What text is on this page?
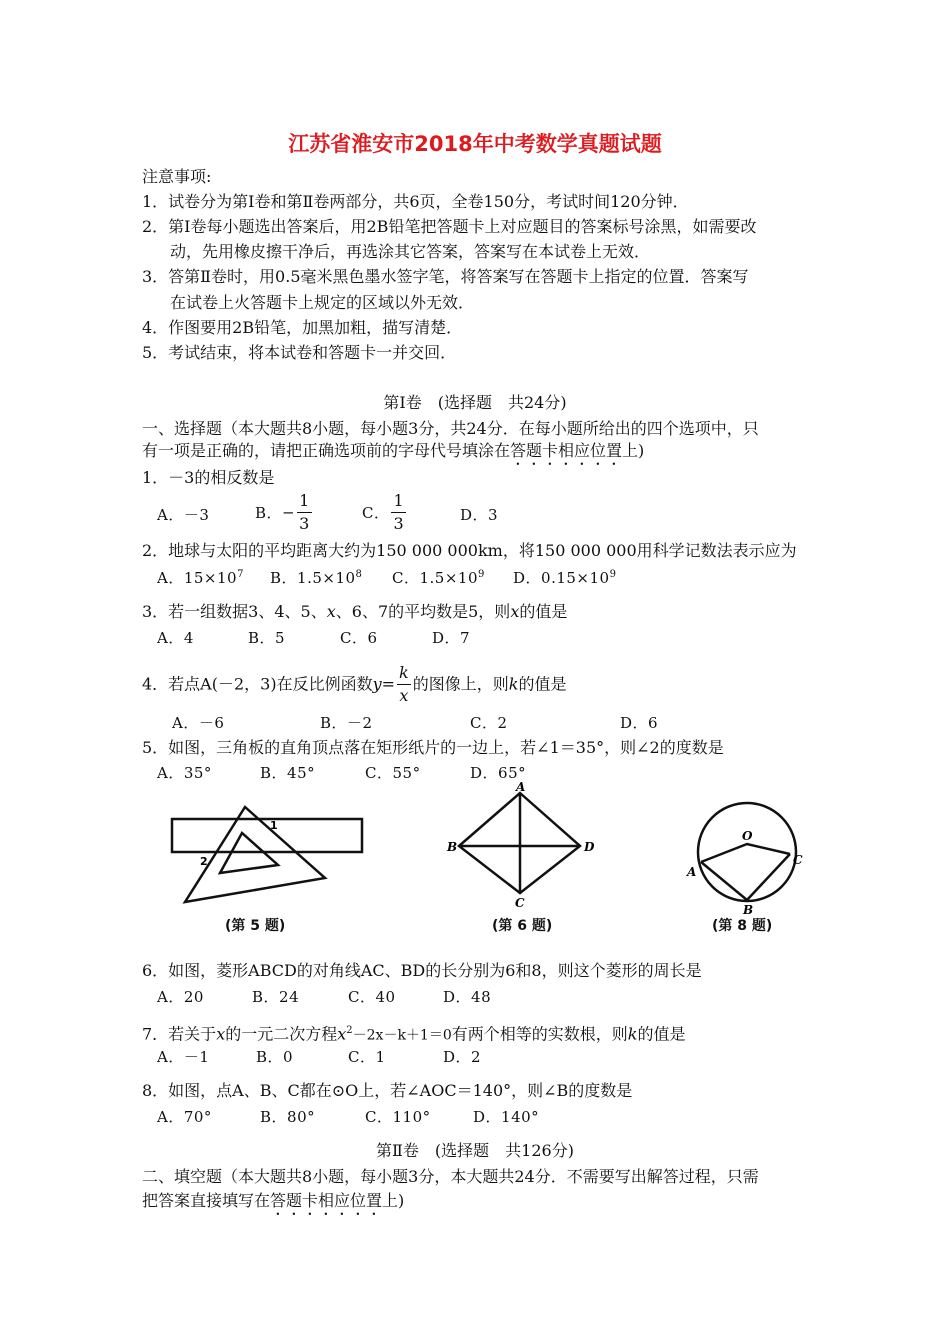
江苏省淮安市2018年中考数学真题试题
注意事项:
1．试卷分为第Ⅰ卷和第Ⅱ卷两部分，共6页，全卷150分，考试时间120分钟．
2．第Ⅰ卷每小题选出答案后，用2B铅笔把答题卡上对应题目的答案标号涂黑，如需要改
动，先用橡皮擦干净后，再选涂其它答案，答案写在本试卷上无效．
3．答第Ⅱ卷时，用0.5毫米黑色墨水签字笔，将答案写在答题卡上指定的位置．答案写
在试卷上火答题卡上规定的区域以外无效．
4．作图要用2B铅笔，加黑加粗，描写清楚．
5．考试结束，将本试卷和答题卡一并交回．
第Ⅰ卷　(选择题　共24分)
一、选择题（本大题共8小题，每小题3分，共24分．在每小题所给出的四个选项中，只
有一项是正确的，请把正确选项前的字母代号填涂在答题卡相应位置上)
1．－3的相反数是
A．－3	B．− $\frac{1}{3}$	C． $\frac{1}{3}$	D．3
2．地球与太阳的平均距离大约为150 000 000km，将150 000 000用科学记数法表示应为
A．$15\times 10^7$ B．$1.5\times 10^8$ C．$1.5\times 10^9$ D．$0.15\times 10^9$
3．若一组数据3、4、5、x、6、7的平均数是5，则x的值是
A．4	B．5	C．6	D．7
4．若点A(－2，3)在反比例函数$y= \frac{k}{x}$ 的图像上，则k的值是
A．－6	B．－2	C．2	D．6
5．如图，三角板的直角顶点落在矩形纸片的一边上，若∠1＝35°，则∠2的度数是
A．35°	B．45°	C．55°	D．65°
1
2
(第 5 题)
A
B
C
D
(第 6 题)
O
A
B
C
(第 8 题)
6．如图，菱形ABCD的对角线AC、BD的长分别为6和8，则这个菱形的周长是
A．20	B．24	C．40	D．48
7．若关于x的一元二次方程$x^2-2x-k+1=0$有两个相等的实数根，则k的值是
A．－1	B．0	C．1	D．2
8．如图，点A、B、C都在⊙O上，若∠AOC＝140°，则∠B的度数是
A．70°	B．80°	C．110°	D．140°
第Ⅱ卷　(选择题　共126分)
二、填空题（本大题共8小题，每小题3分，本大题共24分．不需要写出解答过程，只需
把答案直接填写在答题卡相应位置上)
